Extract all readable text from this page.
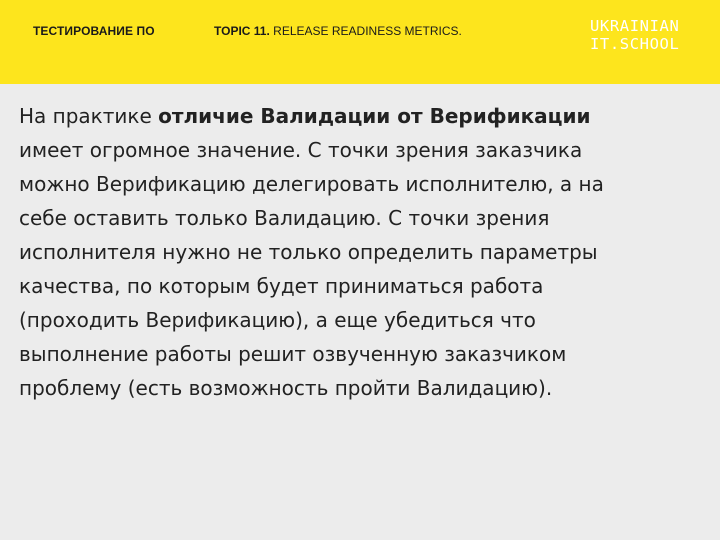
ТЕСТИРОВАНИЕ ПО	TOPIC 11. RELEASE READINESS METRICS.	UKRAINIAN
IT.SCHOOL
На практике отличие Валидации от Верификации
имеет огромное значение. С точки зрения заказчика
можно Верификацию делегировать исполнителю, а на
себе оставить только Валидацию. С точки зрения
исполнителя нужно не только определить параметры
качества, по которым будет приниматься работа
(проходить Верификацию), а еще убедиться что
выполнение работы решит озвученную заказчиком
проблему (есть возможность пройти Валидацию).
